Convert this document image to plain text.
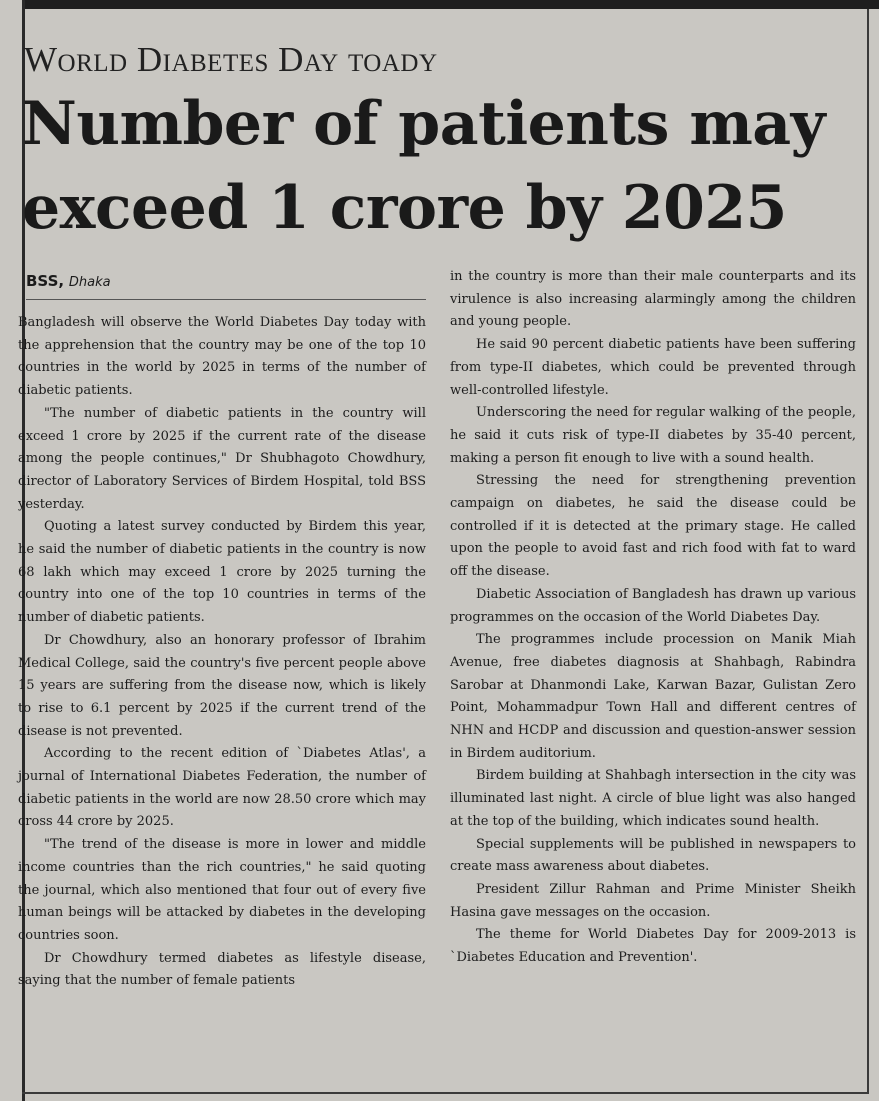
World Diabetes Day toady
Number of patients may exceed 1 crore by 2025
BSS, Dhaka

Bangladesh will observe the World Diabetes Day today with the apprehension that the country may be one of the top 10 countries in the world by 2025 in terms of the number of diabetic patients.

"The number of diabetic patients in the country will exceed 1 crore by 2025 if the current rate of the disease among the people continues," Dr Shubhagoto Chowdhury, director of Laboratory Services of Birdem Hospital, told BSS yesterday.

Quoting a latest survey conducted by Birdem this year, he said the number of diabetic patients in the country is now 68 lakh which may exceed 1 crore by 2025 turning the country into one of the top 10 countries in terms of the number of diabetic patients.

Dr Chowdhury, also an honorary professor of Ibrahim Medical College, said the country's five percent people above 15 years are suffering from the disease now, which is likely to rise to 6.1 percent by 2025 if the current trend of the disease is not prevented.

According to the recent edition of `Diabetes Atlas', a journal of International Diabetes Federation, the number of diabetic patients in the world are now 28.50 crore which may cross 44 crore by 2025.

"The trend of the disease is more in lower and middle income countries than the rich countries," he said quoting the journal, which also mentioned that four out of every five human beings will be attacked by diabetes in the developing countries soon.

Dr Chowdhury termed diabetes as lifestyle disease, saying that the number of female patients

in the country is more than their male counterparts and its virulence is also increasing alarmingly among the children and young people.

He said 90 percent diabetic patients have been suffering from type-II diabetes, which could be prevented through well-controlled lifestyle.

Underscoring the need for regular walking of the people, he said it cuts risk of type-II diabetes by 35-40 percent, making a person fit enough to live with a sound health.

Stressing the need for strengthening prevention campaign on diabetes, he said the disease could be controlled if it is detected at the primary stage. He called upon the people to avoid fast and rich food with fat to ward off the disease.

Diabetic Association of Bangladesh has drawn up various programmes on the occasion of the World Diabetes Day.

The programmes include procession on Manik Miah Avenue, free diabetes diagnosis at Shahbagh, Rabindra Sarobar at Dhanmondi Lake, Karwan Bazar, Gulistan Zero Point, Mohammadpur Town Hall and different centres of NHN and HCDP and discussion and question-answer session in Birdem auditorium.

Birdem building at Shahbagh intersection in the city was illuminated last night. A circle of blue light was also hanged at the top of the building, which indicates sound health.

Special supplements will be published in newspapers to create mass awareness about diabetes.

President Zillur Rahman and Prime Minister Sheikh Hasina gave messages on the occasion.

The theme for World Diabetes Day for 2009-2013 is `Diabetes Education and Prevention'.
